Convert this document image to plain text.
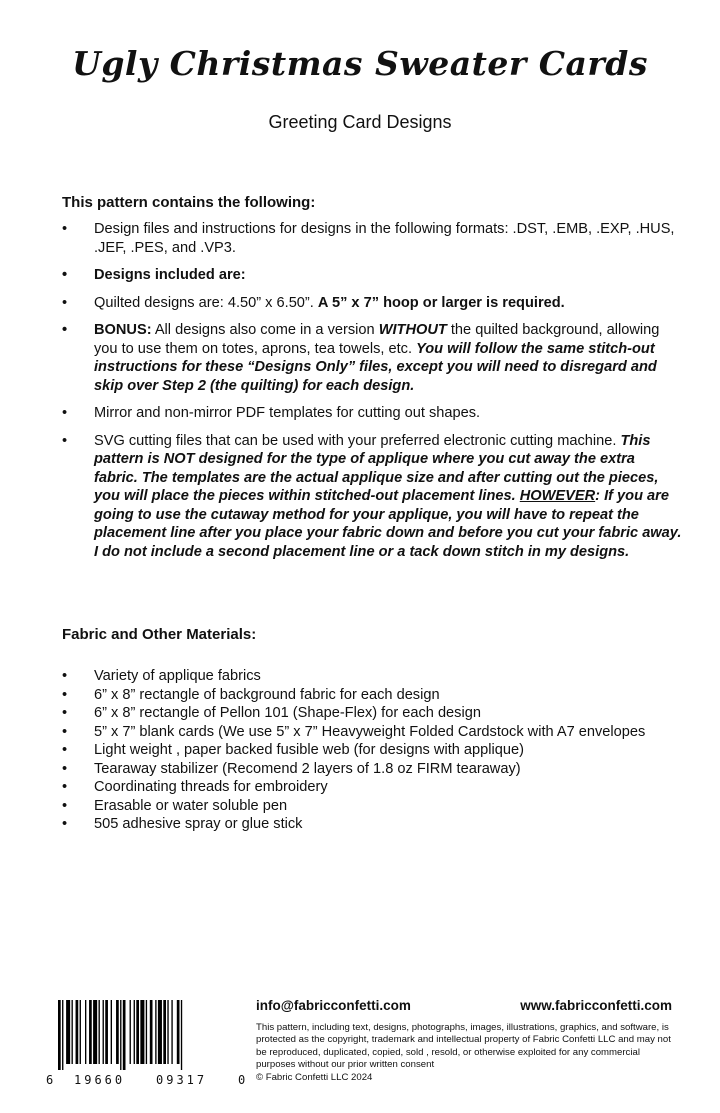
Ugly Christmas Sweater Cards
Greeting Card Designs
This pattern contains the following:
• Design files and instructions for designs in the following formats: .DST, .EMB, .EXP, .HUS, .JEF, .PES, and .VP3.
• Designs included are:
• Quilted designs are: 4.50” x 6.50”. A 5” x 7” hoop or larger is required.
• BONUS: All designs also come in a version WITHOUT the quilted background, allowing you to use them on totes, aprons, tea towels, etc. You will follow the same stitch-out instructions for these “Designs Only” files, except you will need to disregard and skip over Step 2 (the quilting) for each design.
• Mirror and non-mirror PDF templates for cutting out shapes.
• SVG cutting files that can be used with your preferred electronic cutting machine. This pattern is NOT designed for the type of applique where you cut away the extra fabric. The templates are the actual applique size and after cutting out the pieces, you will place the pieces within stitched-out placement lines. HOWEVER: If you are going to use the cutaway method for your applique, you will have to repeat the placement line after you place your fabric down and before you cut your fabric away. I do not include a second placement line or a tack down stitch in my designs.
Fabric and Other Materials:
• Variety of applique fabrics
• 6” x 8” rectangle of background fabric for each design
• 6” x 8” rectangle of Pellon 101 (Shape-Flex) for each design
• 5” x 7” blank cards (We use 5” x 7” Heavyweight Folded Cardstock with A7 envelopes
• Light weight , paper backed fusible web (for designs with applique)
• Tearaway stabilizer (Recomend 2 layers of 1.8 oz FIRM tearaway)
• Coordinating threads for embroidery
• Erasable or water soluble pen
• 505 adhesive spray or glue stick
6 19660	09317	0
info@fabricconfetti.com	www.fabricconfetti.com
This pattern, including text, designs, photographs, images, illustrations, graphics, and software, is protected as the copyright, trademark and intellectual property of Fabric Confetti LLC and may not be reproduced, duplicated, copied, sold , resold, or otherwise exploited for any commercial purposes without our prior written consent
© Fabric Confetti LLC 2024
